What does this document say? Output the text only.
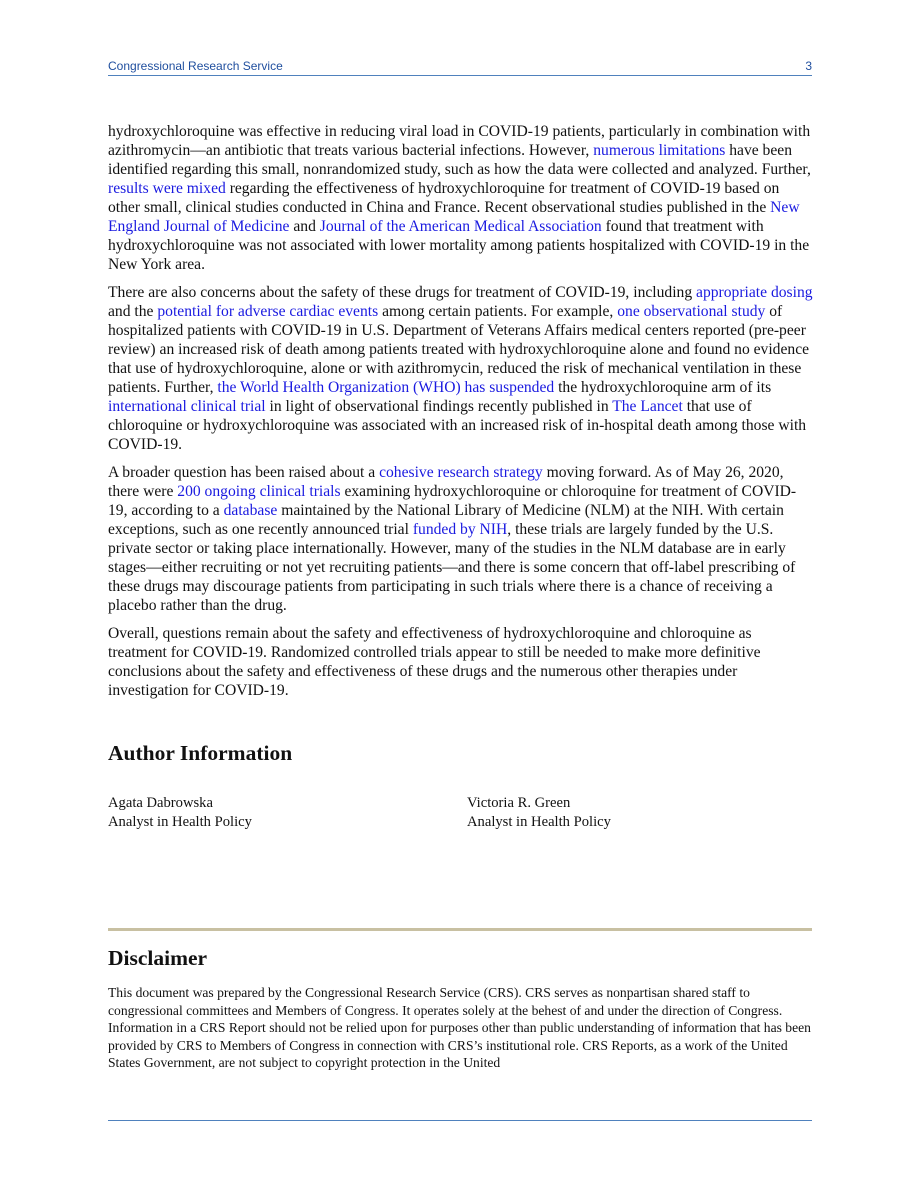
Congressional Research Service	3

hydroxychloroquine was effective in reducing viral load in COVID-19 patients, particularly in combination with azithromycin—an antibiotic that treats various bacterial infections. However, numerous limitations have been identified regarding this small, nonrandomized study, such as how the data were collected and analyzed. Further, results were mixed regarding the effectiveness of hydroxychloroquine for treatment of COVID-19 based on other small, clinical studies conducted in China and France. Recent observational studies published in the New England Journal of Medicine and Journal of the American Medical Association found that treatment with hydroxychloroquine was not associated with lower mortality among patients hospitalized with COVID-19 in the New York area.

There are also concerns about the safety of these drugs for treatment of COVID-19, including appropriate dosing and the potential for adverse cardiac events among certain patients. For example, one observational study of hospitalized patients with COVID-19 in U.S. Department of Veterans Affairs medical centers reported (pre-peer review) an increased risk of death among patients treated with hydroxychloroquine alone and found no evidence that use of hydroxychloroquine, alone or with azithromycin, reduced the risk of mechanical ventilation in these patients. Further, the World Health Organization (WHO) has suspended the hydroxychloroquine arm of its international clinical trial in light of observational findings recently published in The Lancet that use of chloroquine or hydroxychloroquine was associated with an increased risk of in-hospital death among those with COVID-19.

A broader question has been raised about a cohesive research strategy moving forward. As of May 26, 2020, there were 200 ongoing clinical trials examining hydroxychloroquine or chloroquine for treatment of COVID-19, according to a database maintained by the National Library of Medicine (NLM) at the NIH. With certain exceptions, such as one recently announced trial funded by NIH, these trials are largely funded by the U.S. private sector or taking place internationally. However, many of the studies in the NLM database are in early stages—either recruiting or not yet recruiting patients—and there is some concern that off-label prescribing of these drugs may discourage patients from participating in such trials where there is a chance of receiving a placebo rather than the drug.

Overall, questions remain about the safety and effectiveness of hydroxychloroquine and chloroquine as treatment for COVID-19. Randomized controlled trials appear to still be needed to make more definitive conclusions about the safety and effectiveness of these drugs and the numerous other therapies under investigation for COVID-19.

Author Information
Agata Dabrowska
Analyst in Health Policy
Victoria R. Green
Analyst in Health Policy
Disclaimer
This document was prepared by the Congressional Research Service (CRS). CRS serves as nonpartisan shared staff to congressional committees and Members of Congress. It operates solely at the behest of and under the direction of Congress. Information in a CRS Report should not be relied upon for purposes other than public understanding of information that has been provided by CRS to Members of Congress in connection with CRS’s institutional role. CRS Reports, as a work of the United States Government, are not subject to copyright protection in the United
